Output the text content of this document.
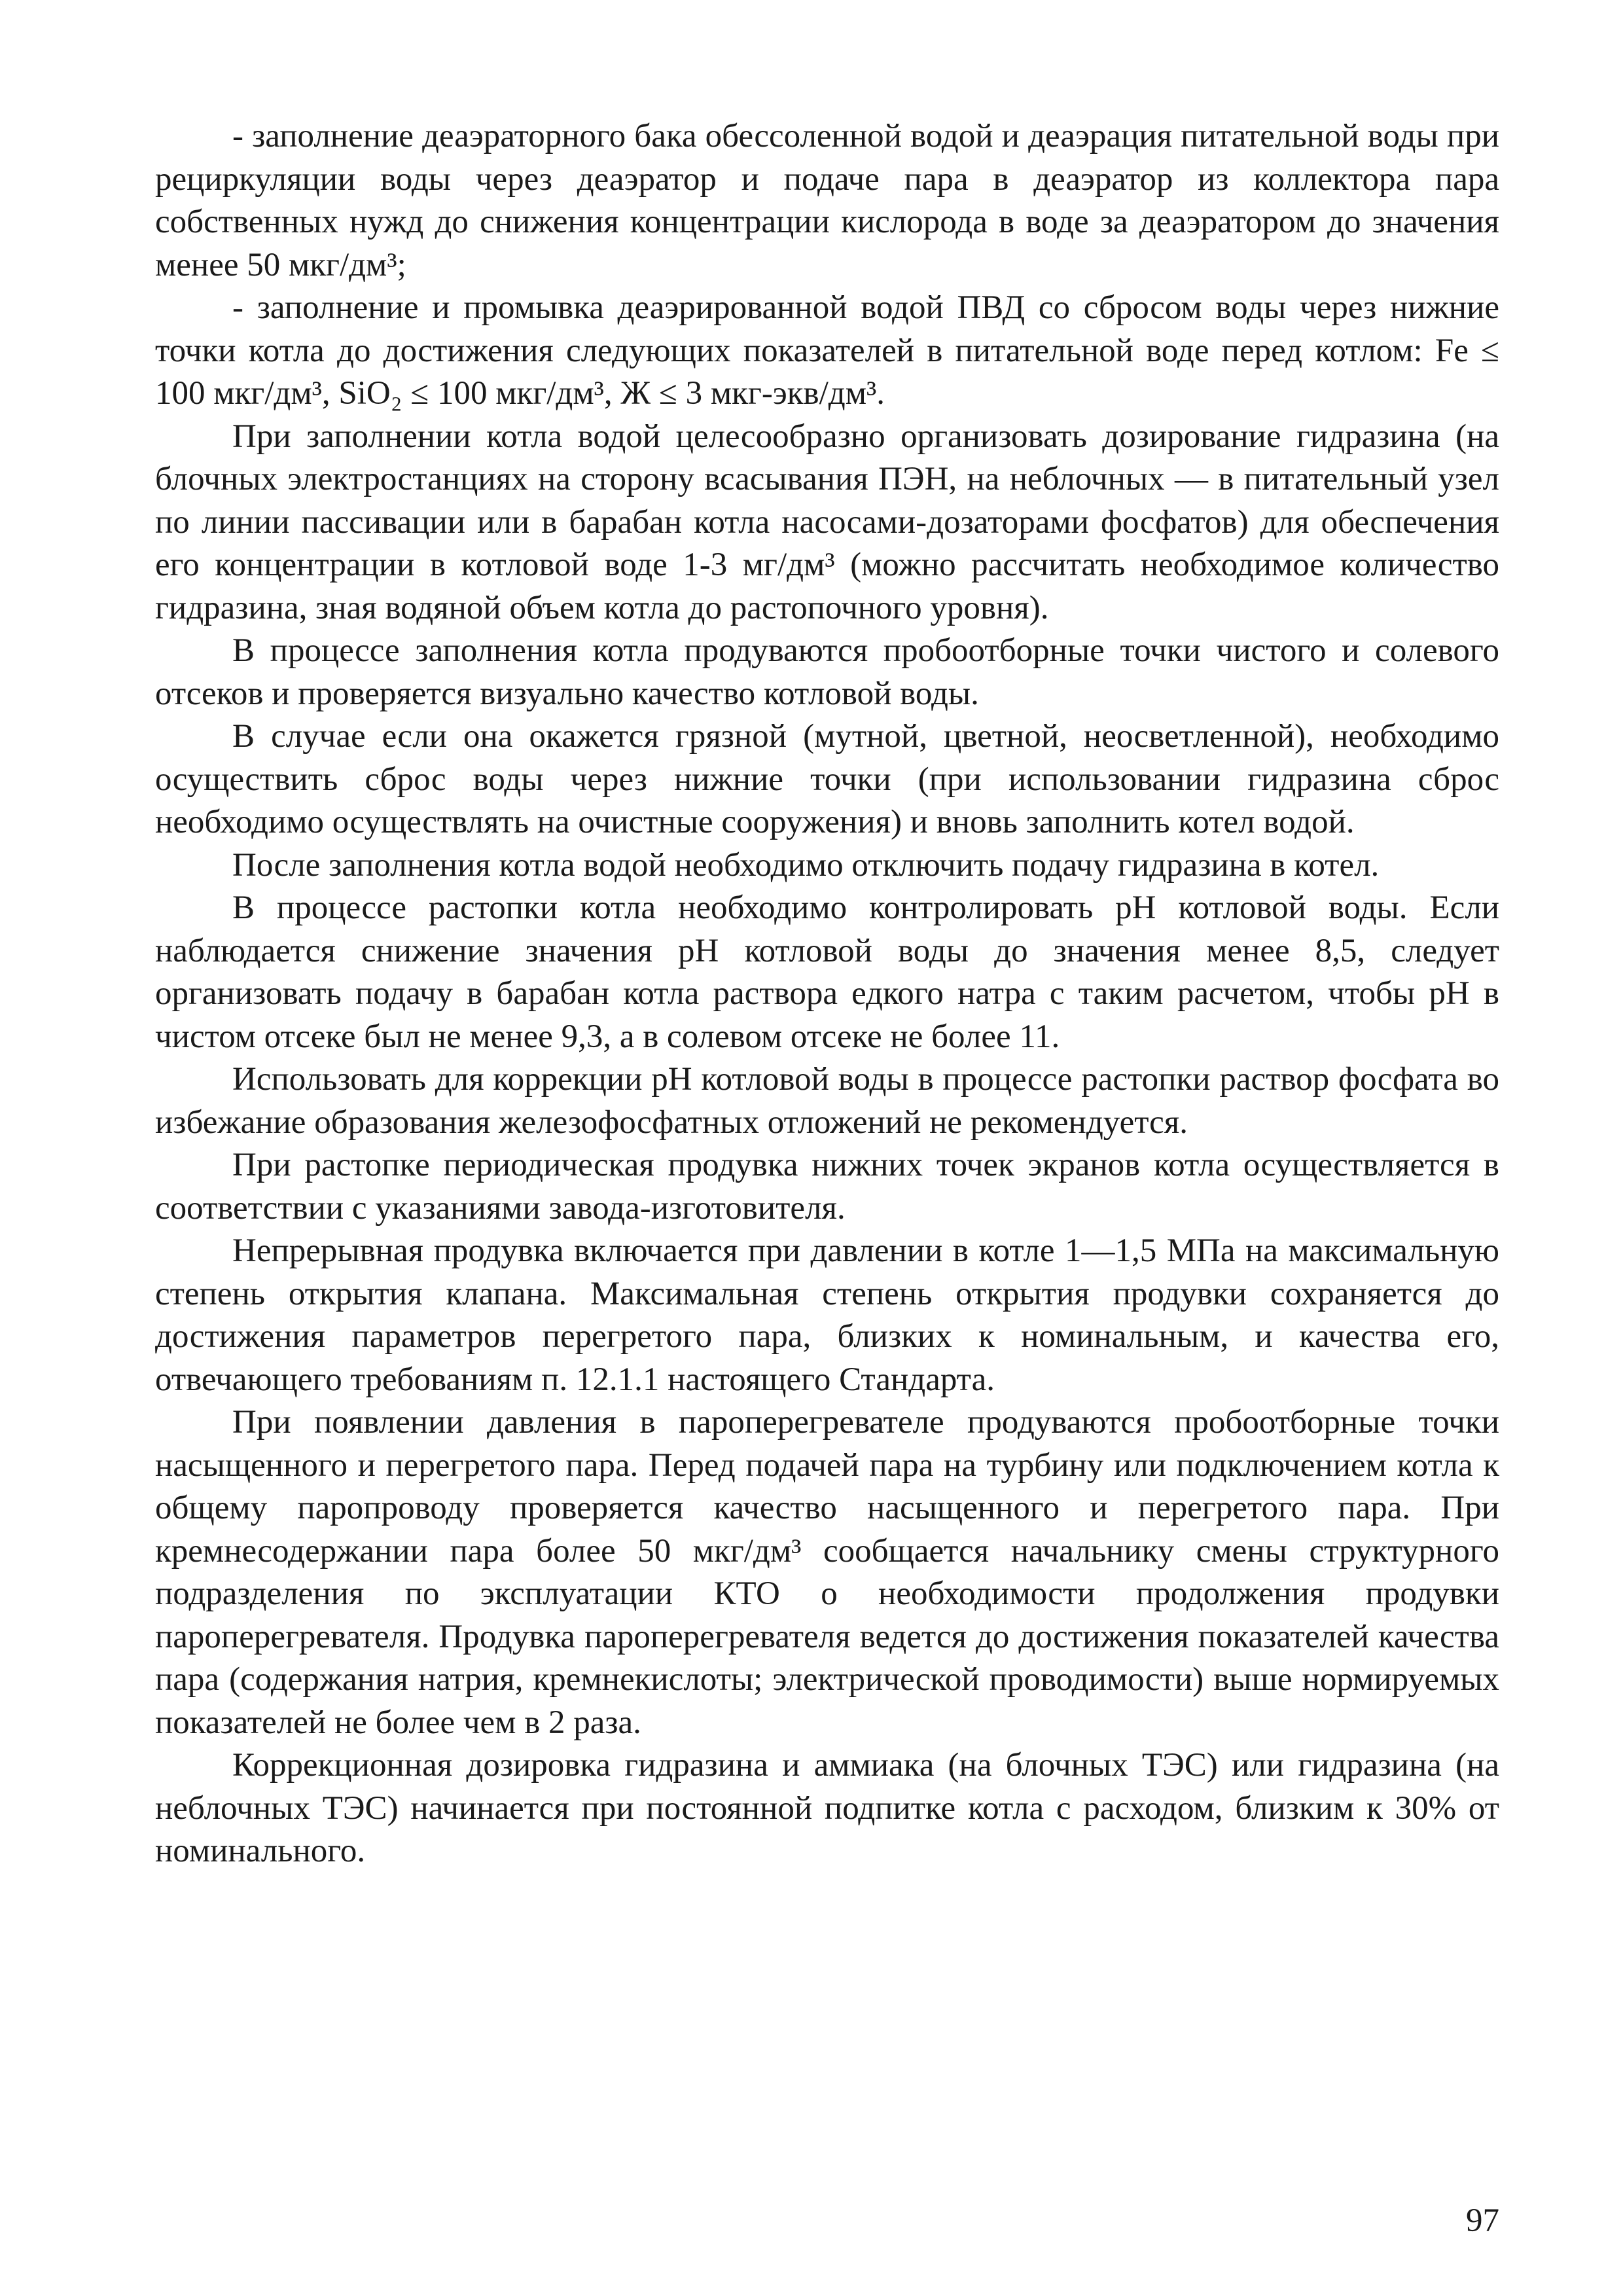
- заполнение деаэраторного бака обессоленной водой и деаэрация питательной воды при рециркуляции воды через деаэратор и подаче пара в деаэратор из коллектора пара собственных нужд до снижения концентрации кислорода в воде за деаэратором до значения менее 50 мкг/дм³;

- заполнение и промывка деаэрированной водой ПВД со сбросом воды через нижние точки котла до достижения следующих показателей в питательной воде перед котлом: Fe ≤ 100 мкг/дм³, SiO₂ ≤ 100 мкг/дм³, Ж ≤ 3 мкг-экв/дм³.

При заполнении котла водой целесообразно организовать дозирование гидразина (на блочных электростанциях на сторону всасывания ПЭН, на неблочных — в питательный узел по линии пассивации или в барабан котла насосами-дозаторами фосфатов) для обеспечения его концентрации в котловой воде 1-3 мг/дм³ (можно рассчитать необходимое количество гидразина, зная водяной объем котла до растопочного уровня).

В процессе заполнения котла продуваются пробоотборные точки чистого и солевого отсеков и проверяется визуально качество котловой воды.

В случае если она окажется грязной (мутной, цветной, неосветленной), необходимо осуществить сброс воды через нижние точки (при использовании гидразина сброс необходимо осуществлять на очистные сооружения) и вновь заполнить котел водой.

После заполнения котла водой необходимо отключить подачу гидразина в котел.

В процессе растопки котла необходимо контролировать pH котловой воды. Если наблюдается снижение значения pH котловой воды до значения менее 8,5, следует организовать подачу в барабан котла раствора едкого натра с таким расчетом, чтобы pH в чистом отсеке был не менее 9,3, а в солевом отсеке не более 11.

Использовать для коррекции pH котловой воды в процессе растопки раствор фосфата во избежание образования железофосфатных отложений не рекомендуется.

При растопке периодическая продувка нижних точек экранов котла осуществляется в соответствии с указаниями завода-изготовителя.

Непрерывная продувка включается при давлении в котле 1—1,5 МПа на максимальную степень открытия клапана. Максимальная степень открытия продувки сохраняется до достижения параметров перегретого пара, близких к номинальным, и качества его, отвечающего требованиям п. 12.1.1 настоящего Стандарта.

При появлении давления в пароперегревателе продуваются пробоотборные точки насыщенного и перегретого пара. Перед подачей пара на турбину или подключением котла к общему паропроводу проверяется качество насыщенного и перегретого пара. При кремнесодержании пара более 50 мкг/дм³ сообщается начальнику смены структурного подразделения по эксплуатации КТО о необходимости продолжения продувки пароперегревателя. Продувка пароперегревателя ведется до достижения показателей качества пара (содержания натрия, кремнекислоты; электрической проводимости) выше нормируемых показателей не более чем в 2 раза.

Коррекционная дозировка гидразина и аммиака (на блочных ТЭС) или гидразина (на неблочных ТЭС) начинается при постоянной подпитке котла с расходом, близким к 30% от номинального.

97
